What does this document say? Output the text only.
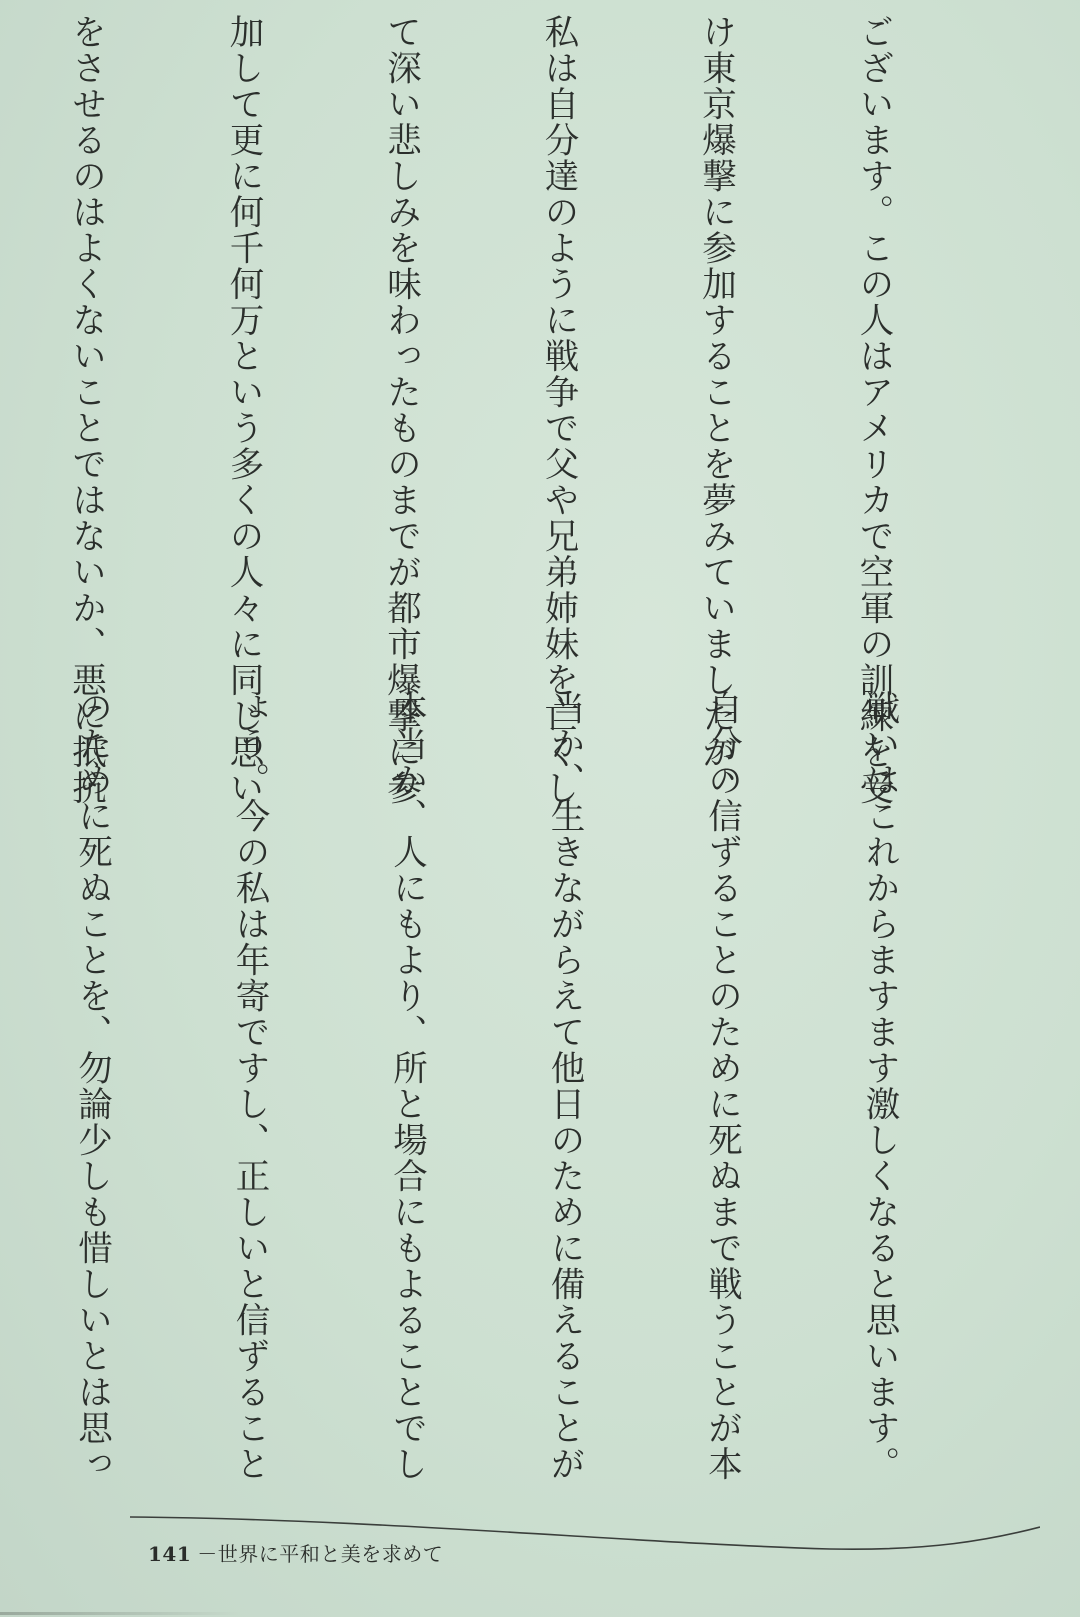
ございます。この人はアメリカで空軍の訓練を受

け東京爆撃に参加することを夢みていましたが、

私は自分達のように戦争で父や兄弟姉妹を亡くし

て深い悲しみを味わったものまでが都市爆撃に参

加して更に何千何万という多くの人々に同じ思い

をさせるのはよくないことではないか、悪に抵抗

戦いはこれからますます激しくなると思います。

自分の信ずることのために死ぬまで戦うことが本

当か、生きながらえて他日のために備えることが

本当か、人にもより、所と場合にもよることでし

ょう。今の私は年寄ですし、正しいと信ずること

のために死ぬことを、勿論少しも惜しいとは思っ

141 －世界に平和と美を求めて
